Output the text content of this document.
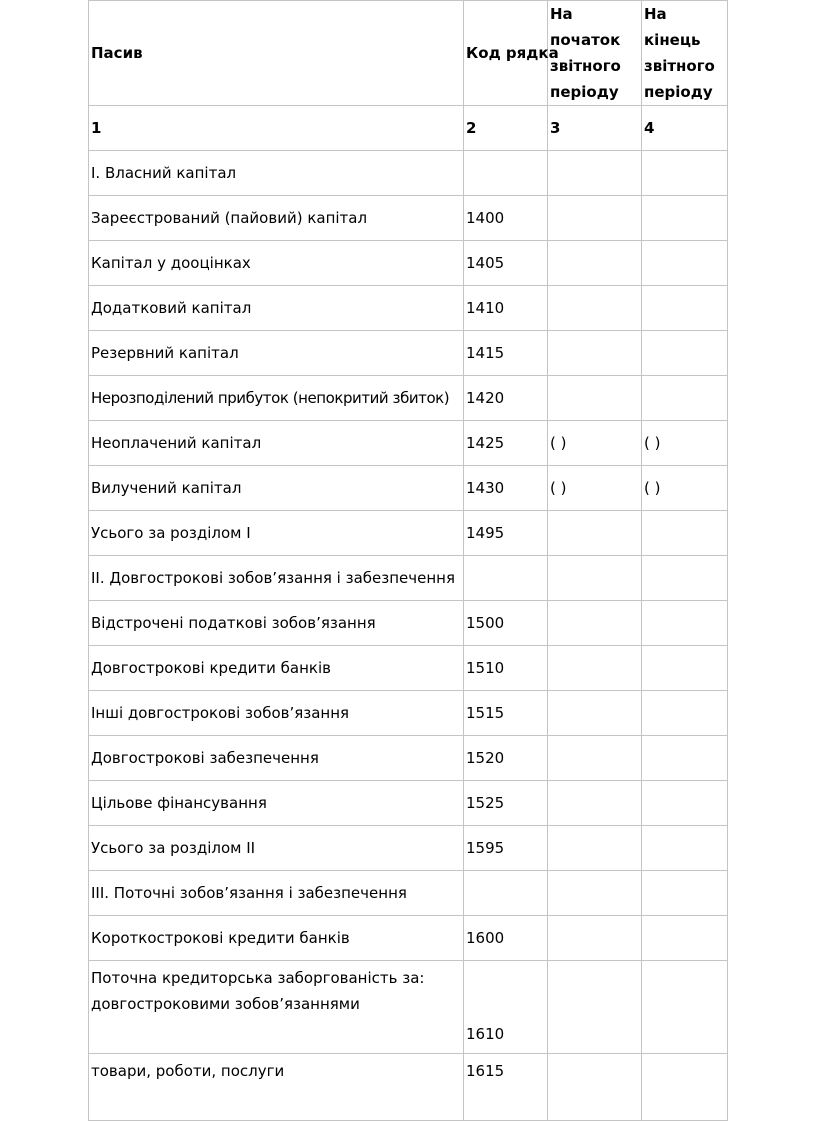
Пасив	Код рядка	На початок звітного періоду	На кінець звітного періоду
1	2	3	4
І. Власний капітал			
Зареєстрований (пайовий) капітал	1400		
Капітал у дооцінках	1405		
Додатковий капітал	1410		
Резервний капітал	1415		
Нерозподілений прибуток (непокритий збиток)	1420		
Неоплачений капітал	1425	( )	( )
Вилучений капітал	1430	( )	( )
Усього за розділом І	1495		
ІІ. Довгострокові зобов’язання і забезпечення			
Відстрочені податкові зобов’язання	1500		
Довгострокові кредити банків	1510		
Інші довгострокові зобов’язання	1515		
Довгострокові забезпечення	1520		
Цільове фінансування	1525		
Усього за розділом ІІ	1595		
ІІІ. Поточні зобов’язання і забезпечення			
Короткострокові кредити банків	1600		

Поточна кредиторська заборгованість за:
довгостроковими зобов’язаннями	1610		
товари, роботи, послуги	1615		
